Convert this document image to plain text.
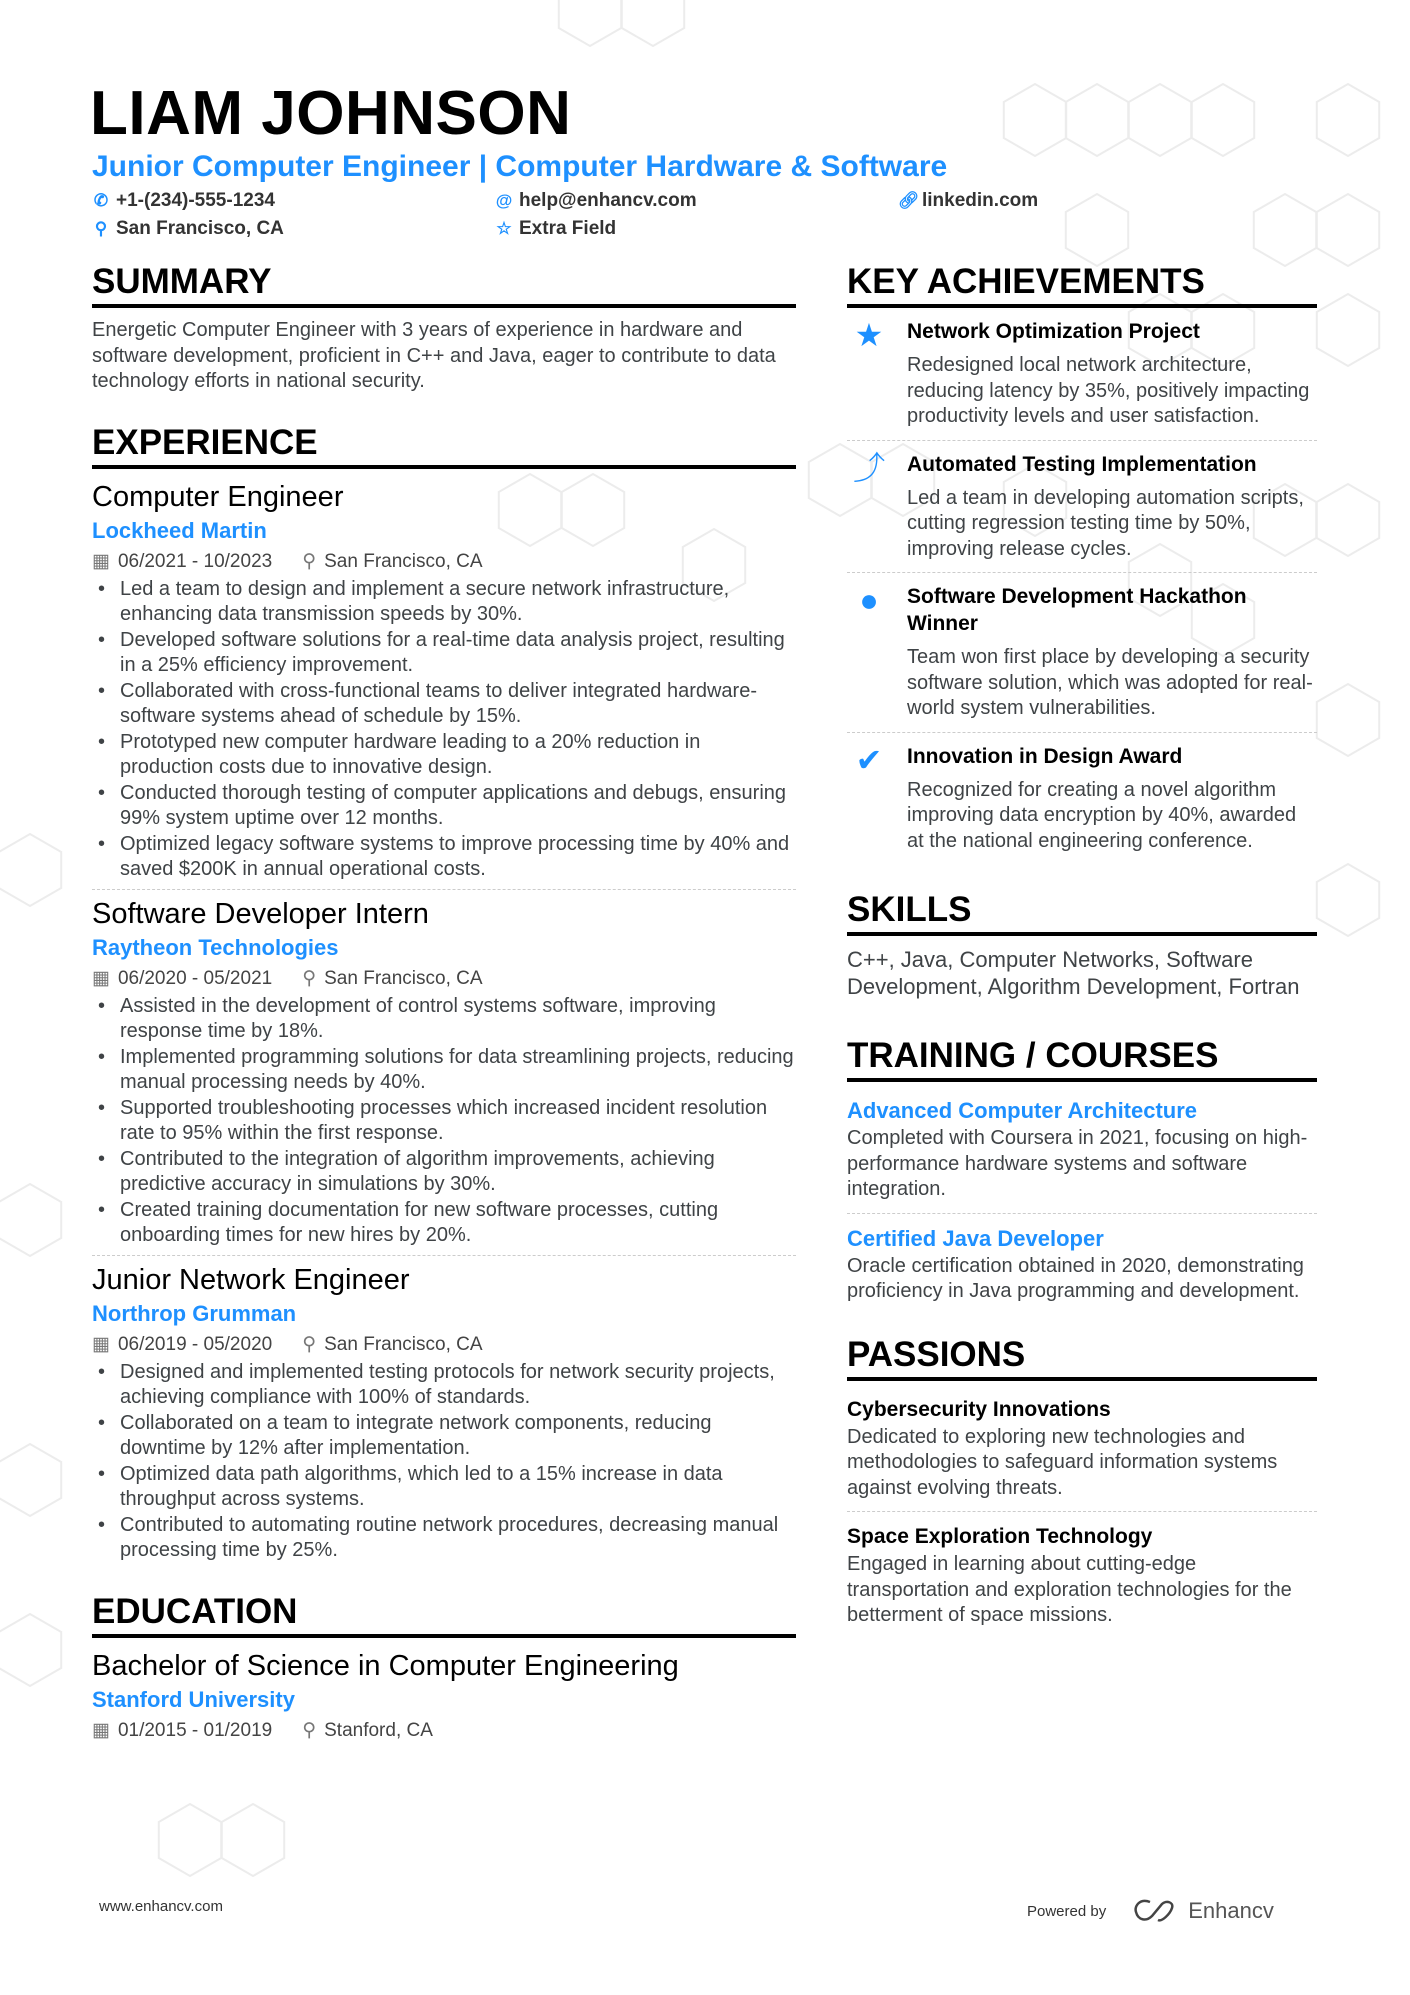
LIAM JOHNSON
Junior Computer Engineer | Computer Hardware & Software
✆ +1-(234)-555-1234	@ help@enhancv.com	🔗︎ linkedin.com
⚲ San Francisco, CA	☆ Extra Field
SUMMARY

Energetic Computer Engineer with 3 years of experience in hardware and software development, proficient in C++ and Java, eager to contribute to data technology efforts in national security.

EXPERIENCE
Computer Engineer
Lockheed Martin
▦ 06/2021 - 10/2023 ⚲ San Francisco, CA
• Led a team to design and implement a secure network infrastructure, enhancing data transmission speeds by 30%.
• Developed software solutions for a real-time data analysis project, resulting in a 25% efficiency improvement.
• Collaborated with cross-functional teams to deliver integrated hardware-software systems ahead of schedule by 15%.
• Prototyped new computer hardware leading to a 20% reduction in production costs due to innovative design.
• Conducted thorough testing of computer applications and debugs, ensuring 99% system uptime over 12 months.
• Optimized legacy software systems to improve processing time by 40% and saved $200K in annual operational costs.
Software Developer Intern
Raytheon Technologies
▦ 06/2020 - 05/2021 ⚲ San Francisco, CA
• Assisted in the development of control systems software, improving response time by 18%.
• Implemented programming solutions for data streamlining projects, reducing manual processing needs by 40%.
• Supported troubleshooting processes which increased incident resolution rate to 95% within the first response.
• Contributed to the integration of algorithm improvements, achieving predictive accuracy in simulations by 30%.
• Created training documentation for new software processes, cutting onboarding times for new hires by 20%.
Junior Network Engineer
Northrop Grumman
▦ 06/2019 - 05/2020 ⚲ San Francisco, CA
• Designed and implemented testing protocols for network security projects, achieving compliance with 100% of standards.
• Collaborated on a team to integrate network components, reducing downtime by 12% after implementation.
• Optimized data path algorithms, which led to a 15% increase in data throughput across systems.
• Contributed to automating routine network procedures, decreasing manual processing time by 25%.
EDUCATION
Bachelor of Science in Computer Engineering
Stanford University
▦ 01/2015 - 01/2019 ⚲ Stanford, CA
KEY ACHIEVEMENTS
★	Network Optimization Project

Redesigned local network architecture, reducing latency by 35%, positively impacting productivity levels and user satisfaction.

⤴ Automated Testing Implementation

Led a team in developing automation scripts, cutting regression testing time by 50%, improving release cycles.

●	Software Development Hackathon Winner

Team won first place by developing a security software solution, which was adopted for real-world system vulnerabilities.

✔	Innovation in Design Award

Recognized for creating a novel algorithm improving data encryption by 40%, awarded at the national engineering conference.

SKILLS

C++, Java, Computer Networks, Software Development, Algorithm Development, Fortran

TRAINING / COURSES
Advanced Computer Architecture

Completed with Coursera in 2021, focusing on high-performance hardware systems and software integration.

Certified Java Developer

Oracle certification obtained in 2020, demonstrating proficiency in Java programming and development.

PASSIONS
Cybersecurity Innovations

Dedicated to exploring new technologies and methodologies to safeguard information systems against evolving threats.

Space Exploration Technology

Engaged in learning about cutting-edge transportation and exploration technologies for the betterment of space missions.

www.enhancv.com	Powered by	Enhancv
